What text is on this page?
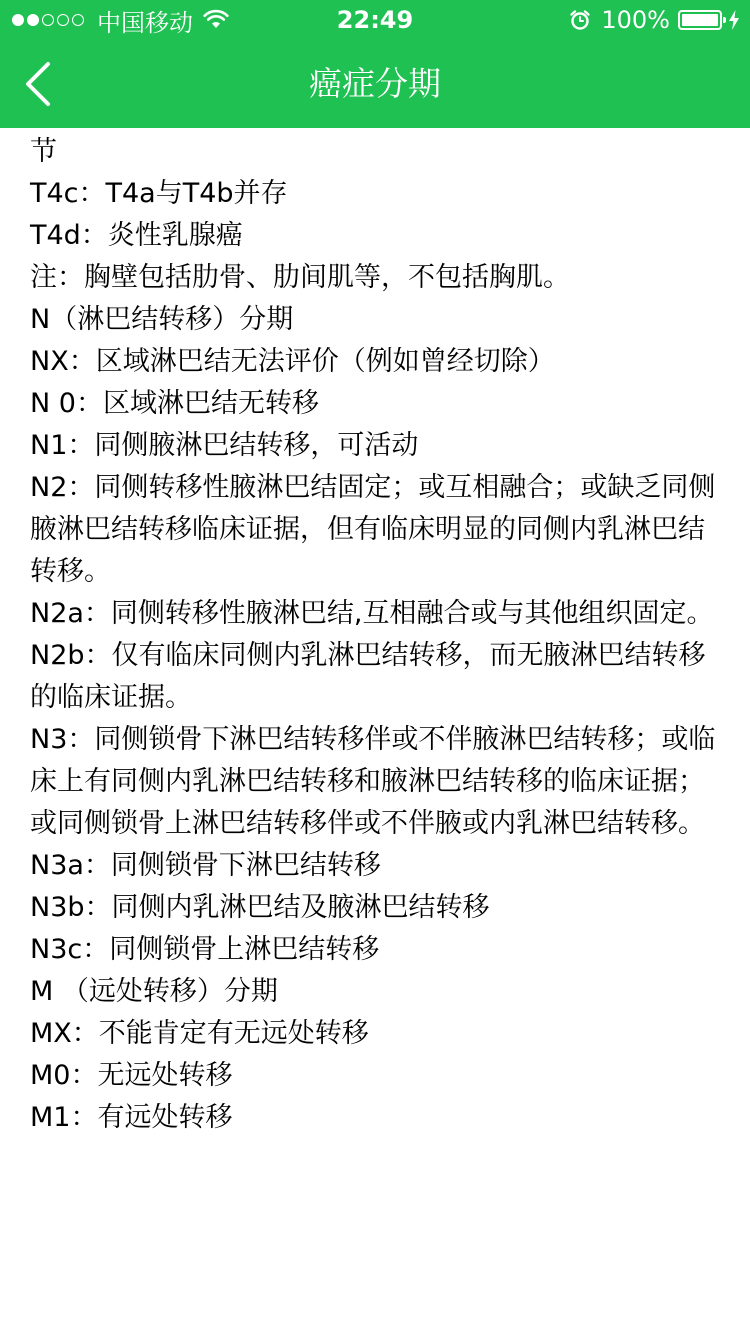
中国移动	22:49	100%
癌症分期

节

T4c：T4a与T4b并存

T4d：炎性乳腺癌

注：胸壁包括肋骨、肋间肌等，不包括胸肌。

N（淋巴结转移）分期

NX：区域淋巴结无法评价（例如曾经切除）

N 0：区域淋巴结无转移

N1：同侧腋淋巴结转移，可活动

N2：同侧转移性腋淋巴结固定；或互相融合；或缺乏同侧腋淋巴结转移临床证据，但有临床明显的同侧内乳淋巴结转移。

N2a：同侧转移性腋淋巴结,互相融合或与其他组织固定。

N2b：仅有临床同侧内乳淋巴结转移，而无腋淋巴结转移的临床证据。

N3：同侧锁骨下淋巴结转移伴或不伴腋淋巴结转移；或临床上有同侧内乳淋巴结转移和腋淋巴结转移的临床证据；或同侧锁骨上淋巴结转移伴或不伴腋或内乳淋巴结转移。

N3a：同侧锁骨下淋巴结转移

N3b：同侧内乳淋巴结及腋淋巴结转移

N3c：同侧锁骨上淋巴结转移

M （远处转移）分期

MX：不能肯定有无远处转移

M0：无远处转移

M1：有远处转移
